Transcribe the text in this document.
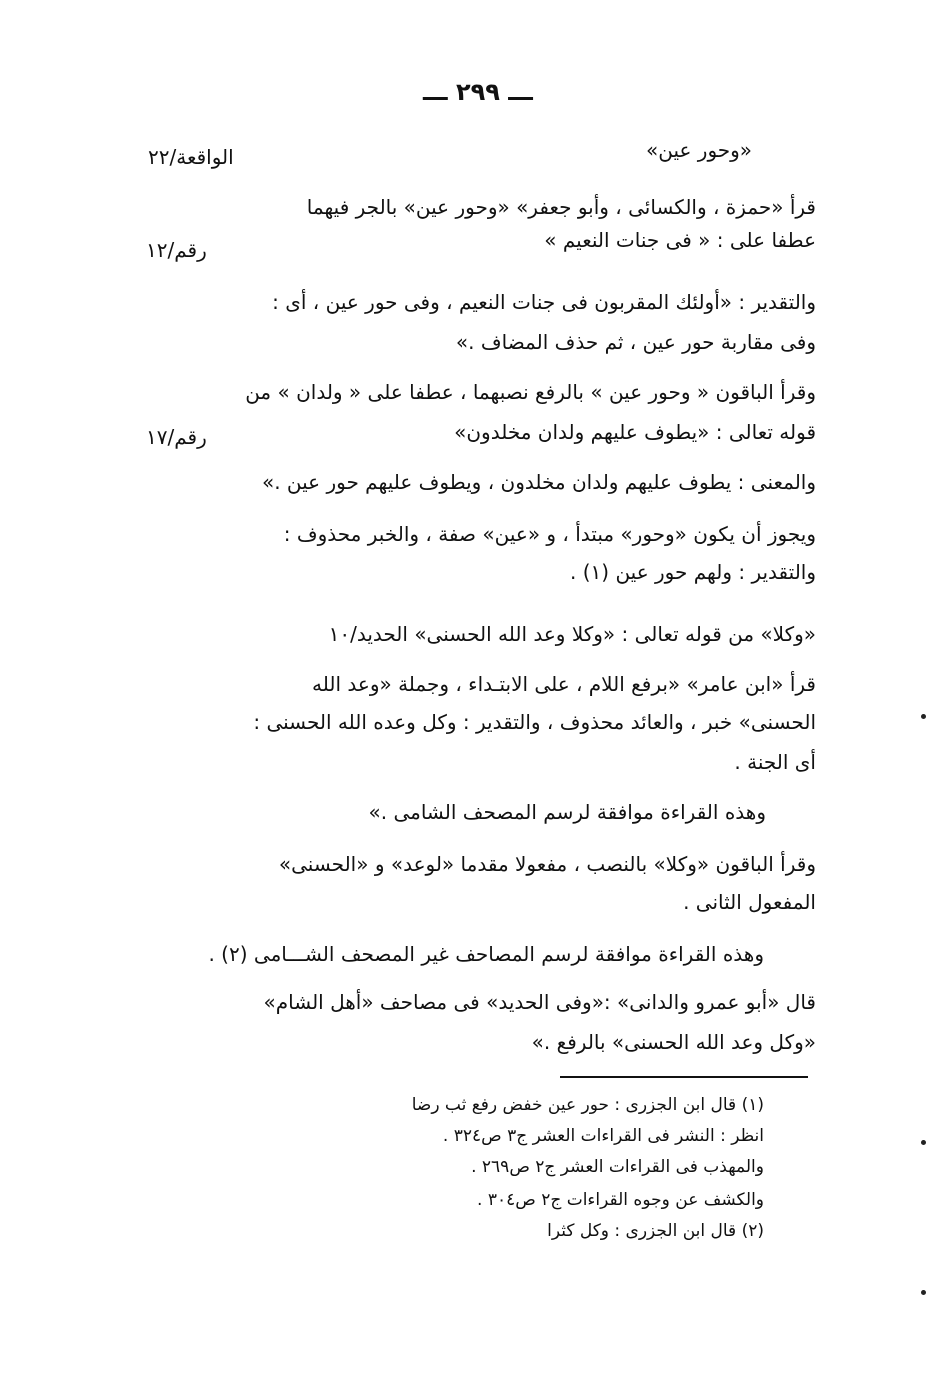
ـــ ٢٩٩ ـــ
«وحور عين»
الواقعة/٢٢
قرأ «حمزة ، والكسائى ، وأبو جعفر» «وحور عين» بالجر فيهما
عطفا على : « فى جنات النعيم »
رقم/١٢
والتقدير : «أولئك المقربون فى جنات النعيم ، وفى حور عين ، أى :
وفى مقاربة حور عين ، ثم حذف المضاف .»
وقرأ الباقون « وحور عين » بالرفع نصبهما ، عطفا على « ولدان » من
قوله تعالى : «يطوف عليهم ولدان مخلدون»
رقم/١٧
والمعنى : يطوف عليهم ولدان مخلدون ، ويطوف عليهم حور عين .»
ويجوز أن يكون «وحور» مبتدأ ، و «عين» صفة ، والخبر محذوف :
والتقدير : ولهم حور عين (١) .
«وكلا» من قوله تعالى : «وكلا وعد الله الحسنى» الحديد/١٠
قرأ «ابن عامر» «برفع اللام ، على الابتـداء ، وجملة «وعد الله
الحسنى» خبر ، والعائد محذوف ، والتقدير : وكل وعده الله الحسنى :
أى الجنة .
وهذه القراءة موافقة لرسم المصحف الشامى .»
وقرأ الباقون «وكلا» بالنصب ، مفعولا مقدما «لوعد» و «الحسنى»
المفعول الثانى .
وهذه القراءة موافقة لرسم المصاحف غير المصحف الشـــامى (٢) .
قال «أبو عمرو والدانى» :«وفى الحديد» فى مصاحف «أهل الشام»
«وكل وعد الله الحسنى» بالرفع .»
(١) قال ابن الجزرى : حور عين خفض رفع ثب رضا
انظر : النشر فى القراءات العشر ج٣ ص٣٢٤ .
والمهذب فى القراءات العشر ج٢ ص٢٦٩ .
والكشف عن وجوه القراءات ج٢ ص٣٠٤ .
(٢) قال ابن الجزرى : وكل كثرا
